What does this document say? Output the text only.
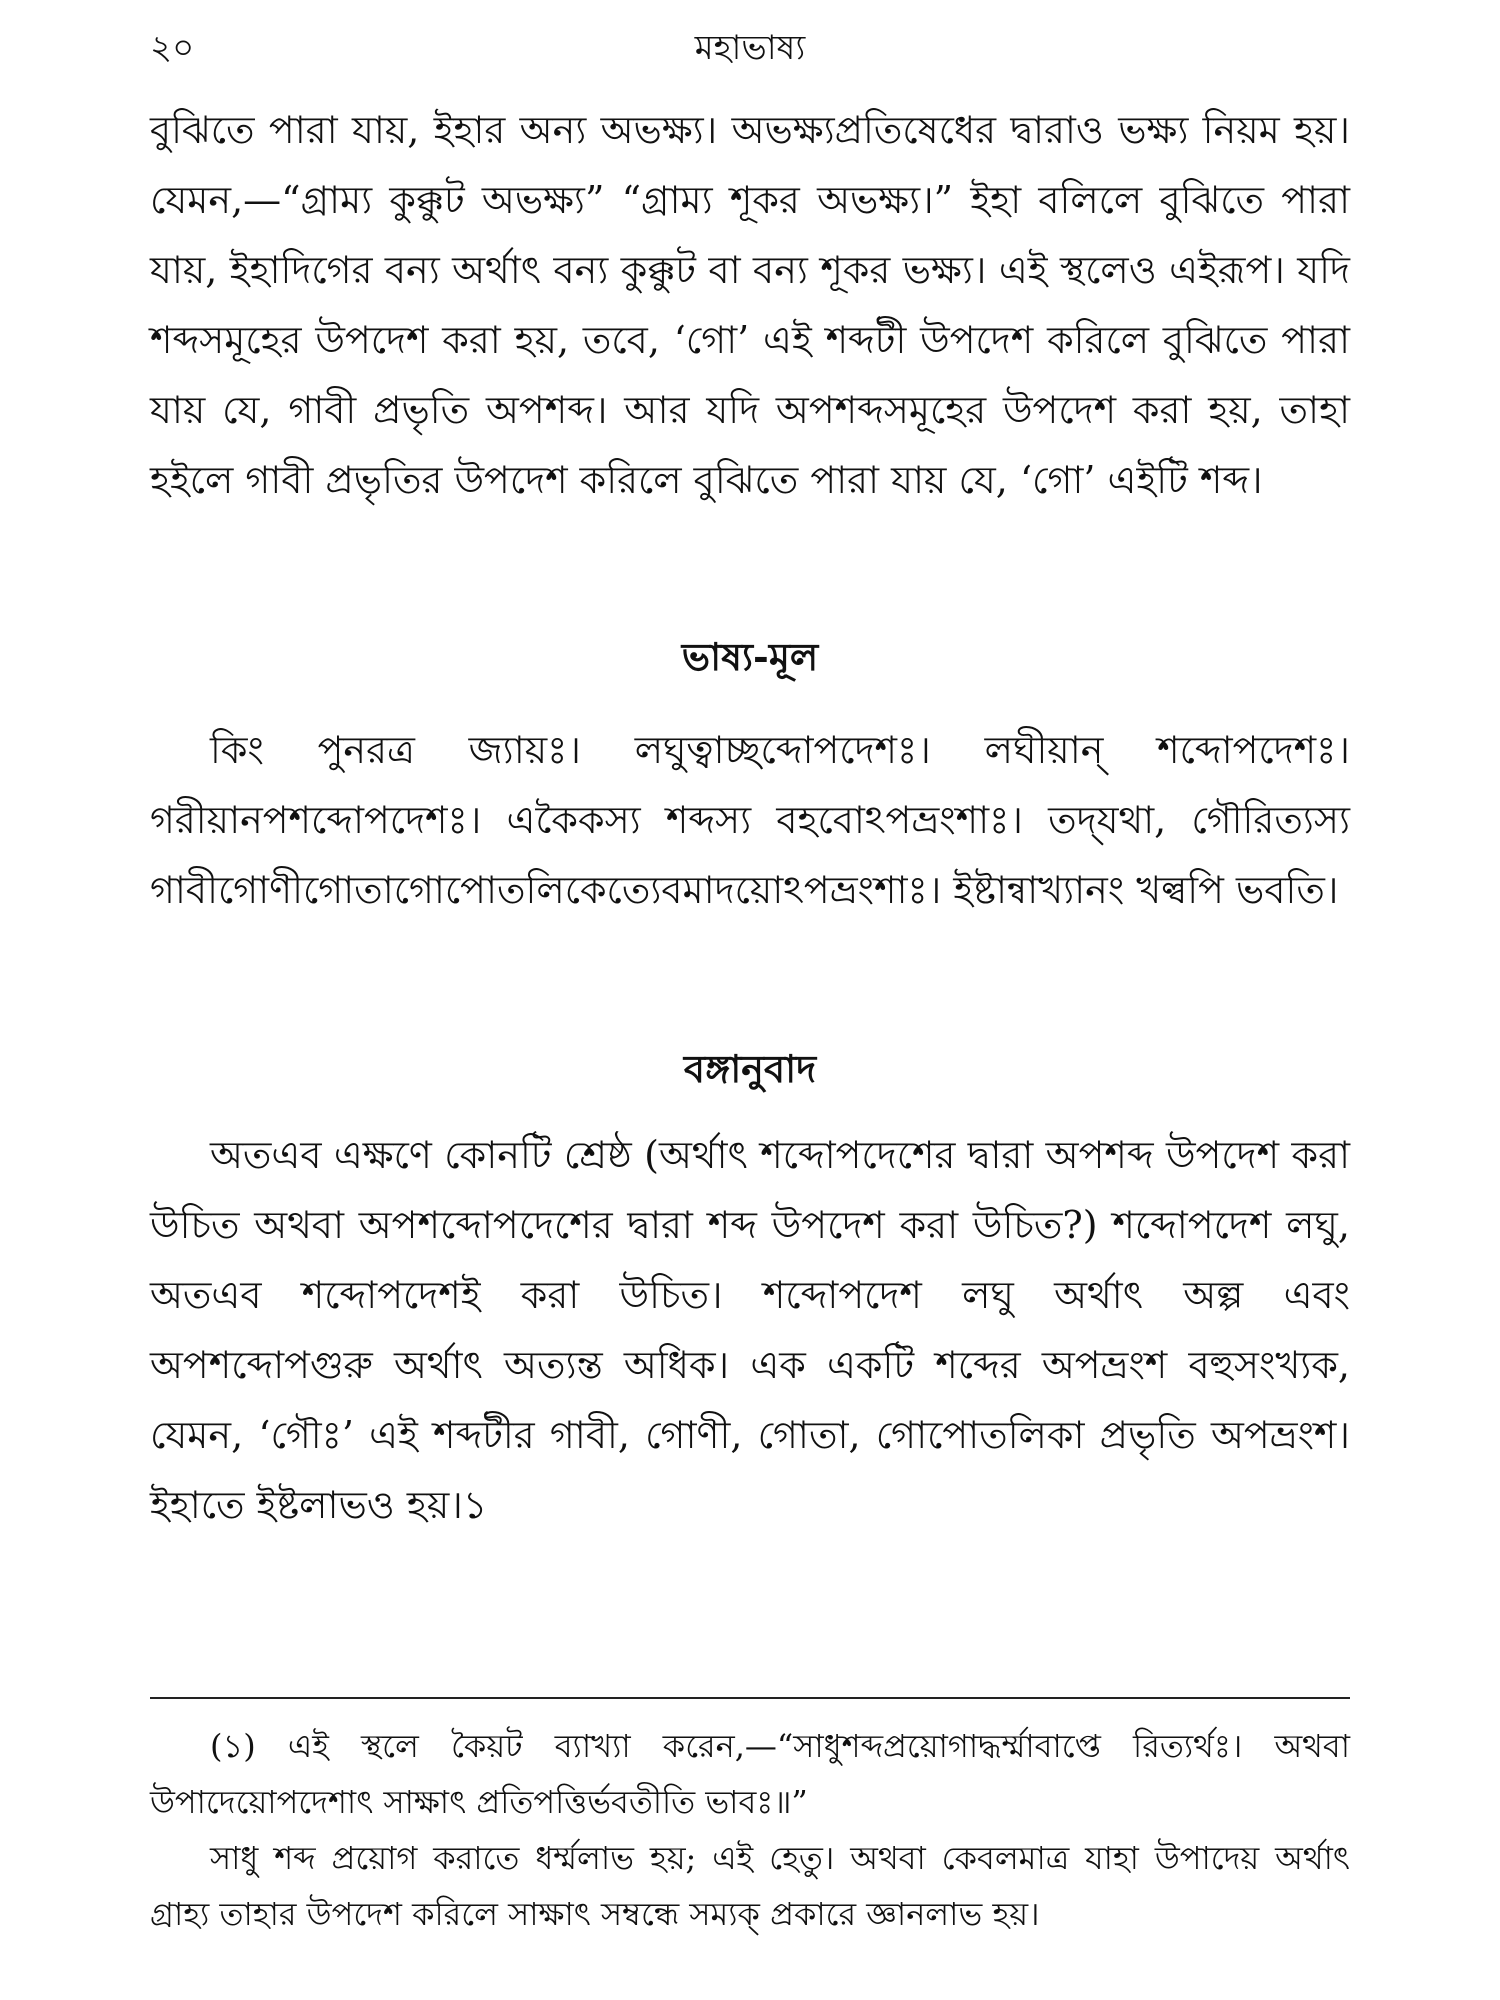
২০	মহাভাষ্য

বুঝিতে পারা যায়, ইহার অন্য অভক্ষ্য। অভক্ষ্যপ্রতিষেধের দ্বারাও ভক্ষ্য নিয়ম হয়। যেমন,—“গ্রাম্য কুক্কুট অভক্ষ্য” “গ্রাম্য শূকর অভক্ষ্য।” ইহা বলিলে বুঝিতে পারা যায়, ইহাদিগের বন্য অর্থাৎ বন্য কুক্কুট বা বন্য শূকর ভক্ষ্য। এই স্থলেও এইরূপ। যদি শব্দসমূহের উপদেশ করা হয়, তবে, ‘গো’ এই শব্দটী উপদেশ করিলে বুঝিতে পারা যায় যে, গাবী প্রভৃতি অপশব্দ। আর যদি অপশব্দসমূহের উপদেশ করা হয়, তাহা হইলে গাবী প্রভৃতির উপদেশ করিলে বুঝিতে পারা যায় যে, ‘গো’ এইটি শব্দ।

ভাষ্য-মূল

কিং পুনরত্র জ্যায়ঃ। লঘুত্বাচ্ছব্দোপদেশঃ। লঘীয়ান্ শব্দোপদেশঃ। গরীয়ানপশব্দোপদেশঃ। একৈকস্য শব্দস্য বহবোঽপভ্রংশাঃ। তদ্‌যথা, গৌরিত্যস্য গাবীগোণীগোতাগোপোতলিকেত্যেবমাদয়োঽপভ্রংশাঃ। ইষ্টান্বাখ্যানং খল্বপি ভবতি।

বঙ্গানুবাদ

অতএব এক্ষণে কোনটি শ্রেষ্ঠ (অর্থাৎ শব্দোপদেশের দ্বারা অপশব্দ উপদেশ করা উচিত অথবা অপশব্দোপদেশের দ্বারা শব্দ উপদেশ করা উচিত?) শব্দোপদেশ লঘু, অতএব শব্দোপদেশই করা উচিত। শব্দোপদেশ লঘু অর্থাৎ অল্প এবং অপশব্দোপগুরু অর্থাৎ অত্যন্ত অধিক। এক একটি শব্দের অপভ্রংশ বহুসংখ্যক, যেমন, ‘গৌঃ’ এই শব্দটীর গাবী, গোণী, গোতা, গোপোতলিকা প্রভৃতি অপভ্রংশ। ইহাতে ইষ্টলাভও হয়।১

(১) এই স্থলে কৈয়ট ব্যাখ্যা করেন,—“সাধুশব্দপ্রয়োগাদ্ধর্ম্মাবাপ্তে রিত্যর্থঃ। অথবা উপাদেয়োপদেশাৎ সাক্ষাৎ প্রতিপত্তির্ভবতীতি ভাবঃ॥”

সাধু শব্দ প্রয়োগ করাতে ধর্ম্মলাভ হয়; এই হেতু। অথবা কেবলমাত্র যাহা উপাদেয় অর্থাৎ গ্রাহ্য তাহার উপদেশ করিলে সাক্ষাৎ সম্বন্ধে সম্যক্ প্রকারে জ্ঞানলাভ হয়।
